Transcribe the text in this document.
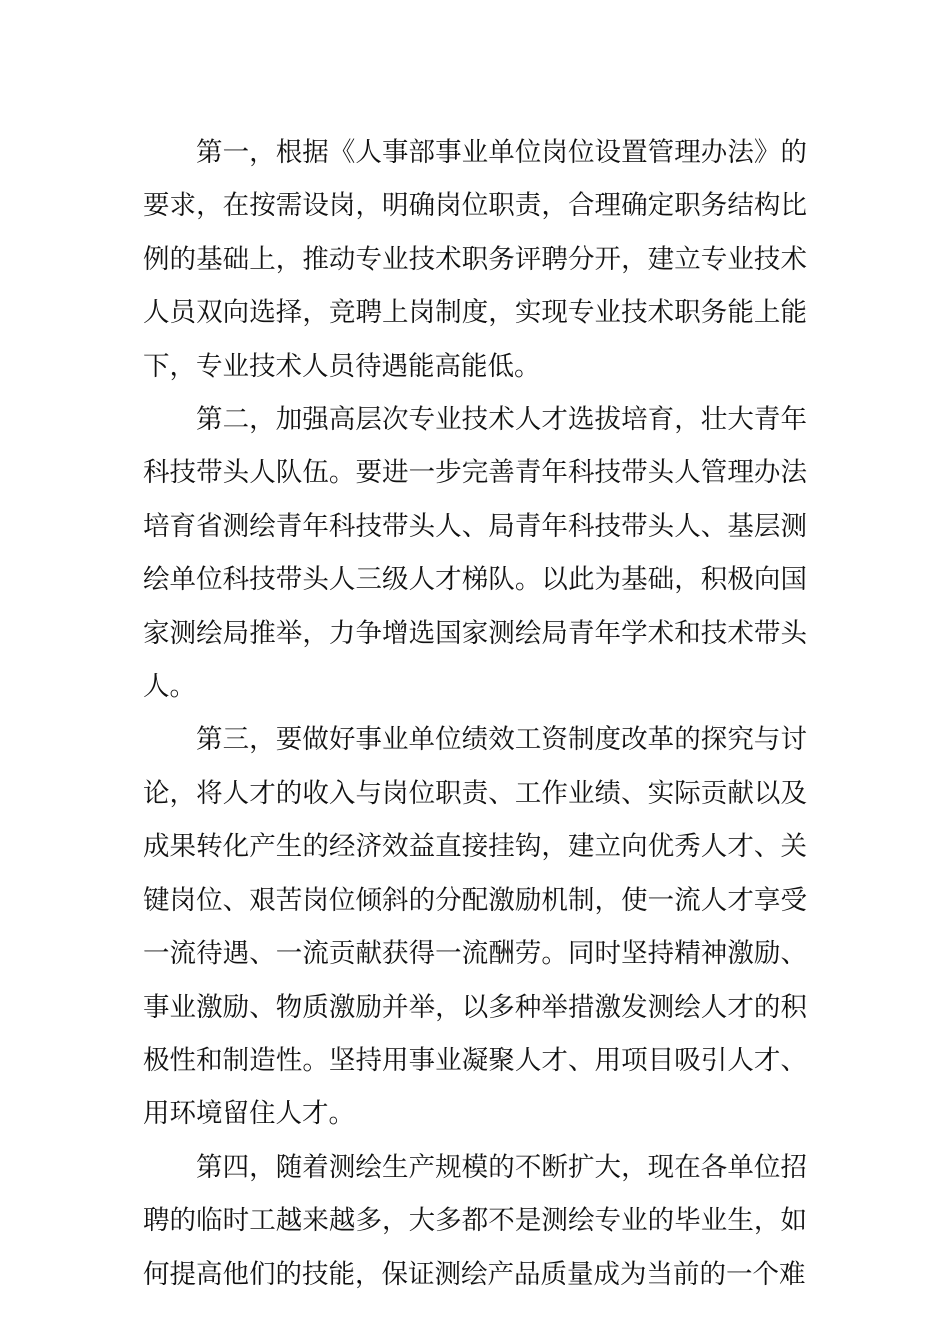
第一，根据《人事部事业单位岗位设置管理办法》的要求，在按需设岗，明确岗位职责，合理确定职务结构比例的基础上，推动专业技术职务评聘分开，建立专业技术人员双向选择，竞聘上岗制度，实现专业技术职务能上能下，专业技术人员待遇能高能低。

第二，加强高层次专业技术人才选拔培育，壮大青年科技带头人队伍。要进一步完善青年科技带头人管理办法培育省测绘青年科技带头人、局青年科技带头人、基层测绘单位科技带头人三级人才梯队。以此为基础，积极向国家测绘局推举，力争增选国家测绘局青年学术和技术带头人。

第三，要做好事业单位绩效工资制度改革的探究与讨论，将人才的收入与岗位职责、工作业绩、实际贡献以及成果转化产生的经济效益直接挂钩，建立向优秀人才、关键岗位、艰苦岗位倾斜的分配激励机制，使一流人才享受一流待遇、一流贡献获得一流酬劳。同时坚持精神激励、事业激励、物质激励并举，以多种举措激发测绘人才的积极性和制造性。坚持用事业凝聚人才、用项目吸引人才、用环境留住人才。

第四，随着测绘生产规模的不断扩大，现在各单位招聘的临时工越来越多，大多都不是测绘专业的毕业生，如何提高他们的技能，保证测绘产品质量成为当前的一个难
